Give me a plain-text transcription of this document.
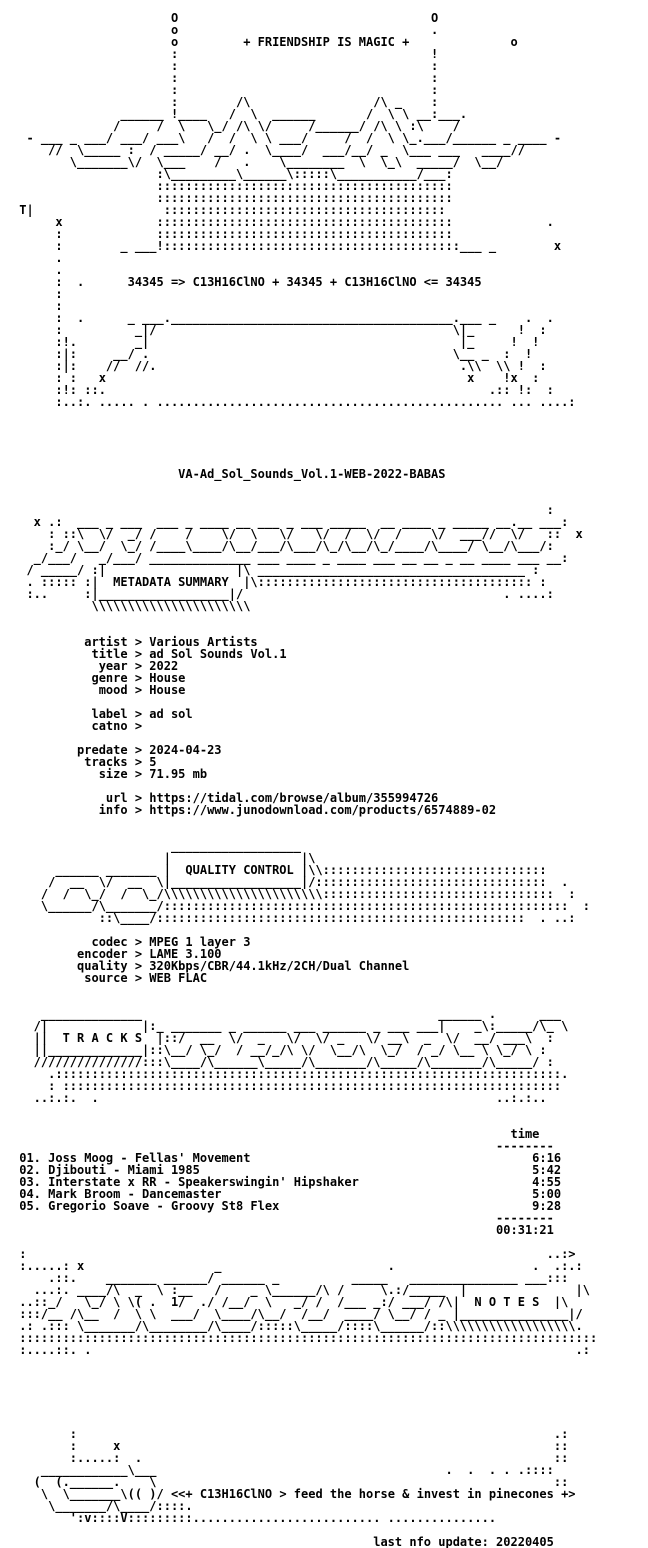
O                                   O
o                                   .
o         + FRIENDSHIP IS MAGIC +              o
:                                   !
:                                   :
:                                   :
:                                   :
:        /\                 /\ _    :
______ !____   /  \  ______       /  \ \ __:___.
/     /  \   \_/ /\ \/     /______/ /\ \ :\    /
- ___ _ ___/ ___/ ___\   /  /  \ \ ___/     /  /  \ \_.___/______ _ ____ -
//  \_____ :  / _____/ __/ .  \____/  ___/__/ _  \___ ___   ____//
\_______\/  \___    /   .    \________  \  \_\  _____/  \__/
:\_________\______\:::::\___________/___:
:::::::::::::::::::::::::::::::::::::::::
:::::::::::::::::::::::::::::::::::::::::
T|                  :::::::::::::::::::::::::::::::::::::::
x             :::::::::::::::::::::::::::::::::::::::::             .
:             :::::::::::::::::::::::::::::::::::::::::
:        _ ___!:::::::::::::::::::::::::::::::::::::::::___ _        x
.
.
:  .      34345 => C13H16ClNO + 34345 + C13H16ClNO <= 34345
:
:
:  .      _ ___._______________________________________.___ _    .  .
:          _|/                                         \|_      !  :
:!.        _|                                           |_     !  !
:|:     __/ .                                          \__ _  :  !
:|:    //  //.                                          .\\  \\ !  :
: :   x                                                  x    !x  :
:!: ::.                                                     .:: !:  :
:..:. ..... . ................................................ ... ....:
VA-Ad_Sol_Sounds_Vol.1-WEB-2022-BABAS
:
x .:  ___ _ ___  ___ _ ____ __ ___ _ ___ _____  __ ____ _ _____ __.__ ___:
: ::\  \/  _/ /    /    \/  \   \/   \/  /  \/  /    \/  ___//  \/   ::  x
:_/ \__/  \_/ /____\____/\__/___/\___/\_/\__/\_/____/\____/ \__/\___/:
_/___/   _/___/ ______________ ___ ____ _ ____ ___ __ __ _ __ ____ ___ __:
/ _____/ :|                  |\ _____________________________________ :
. ::::: :|  METADATA SUMMARY  |\:::::::::::::::::::::::::::::::::::::: :
:..     :|__________________|/                                    . ....:
\\\\\\\\\\\\\\\\\\\\\\
artist > Various Artists
title > ad Sol Sounds Vol.1
year > 2022
genre > House
mood > House
label > ad sol
catno >
predate > 2024-04-23
tracks > 5
size > 71.95 mb
url > https://tidal.com/browse/album/355994726
info > https://www.junodownload.com/products/6574889-02
__________________
|                  |\
______ _______ |  QUALITY CONTROL |\\:::::::::::::::::::::::::::::::
/  __  \/  __  \|__________________|/::::::::::::::::::::::::::::::::  .
/  /  \_/  /  \_/\\\\\\\\\\\\\\\\\\\\\\::::::::::::::::::::::::::::::::  :
\______/\_______/::::::::::::::::::::::::::::::::::::::::::::::::::::::::  :
::\____/:::::::::::::::::::::::::::::::::::::::::::::::::::  . ..:
codec > MPEG 1 layer 3
encoder > LAME 3.100
quality > 320Kbps/CBR/44.1kHz/2CH/Dual Channel
source > WEB FLAC
______________                                         ______ .      ___
/|             |:_ _______ _ ______ ___ ______ _ ___ ___|    _\:_____/\_ \
||  T R A C K S  |::/  __  \/  _   \/  \/ _   \/ __\  _  \/  __/ ___\  :
||_____________|::\__/ \_/  / __/_/\ \/  \__/\  \_/  / _/ \__ \ \_/ \ :
///////////////:::\____/\______\_____/\_______/\_____/\_______/\_____/ :
.::::::::::::::::::::::::::::::::::::::::::::::::::::::::::::::::::::::.
: :::::::::::::::::::::::::::::::::::::::::::::::::::::::::::::::::::::
..:.:.  .                                                       ..:.:..
time
--------
01. Joss Moog - Fellas' Movement	6:16
02. Djibouti - Miami 1985	5:42
03. Interstate x RR - Speakerswingin' Hipshaker	4:55
04. Mark Broom - Dancemaster	5:00
05. Gregorio Soave - Groovy St8 Flex	9:28
--------
00:31:21
:                                                                        ..:>
:.....: x                  _                       .                   .  .:.:
.::.    _______ ______/ ______ _          _____   _______________ ___:::
...:. ____/\  _  \ :__   /    _ \______/\ /     \.:/_____  |               |\
..::_/   \_/ \ \( .  1/  ./ /__/  \   _/ /  /___ _:/ ___/ /\|  N O T E S  |\
:::/__ /\__  /  \ \  ___/  \____/\__/  /__/  ____/ \__/ / _ |_______________|/
.: .::: \_______/\________/\____/:::::\_____/::::\______/::\\\\\\\\\\\\\\\\\\.
::::::::::::::::::::::::::::::::::::::::::::::::::::::::::::::::::::::::::::::::
:....::. .                                                                   .:
:                                                                  .:
:     x                                                            ::
:.....:  .                                                         ::
____________\___                                        .  .  . . .::::
(  (.______.    \                                                       ::
\  \_______\(( )/ <<+ C13H16ClNO > feed the horse & invest in pinecones +>
\_______/\____/::::.
':v::::V:::::::::.......................... ...............
last nfo update: 20220405
